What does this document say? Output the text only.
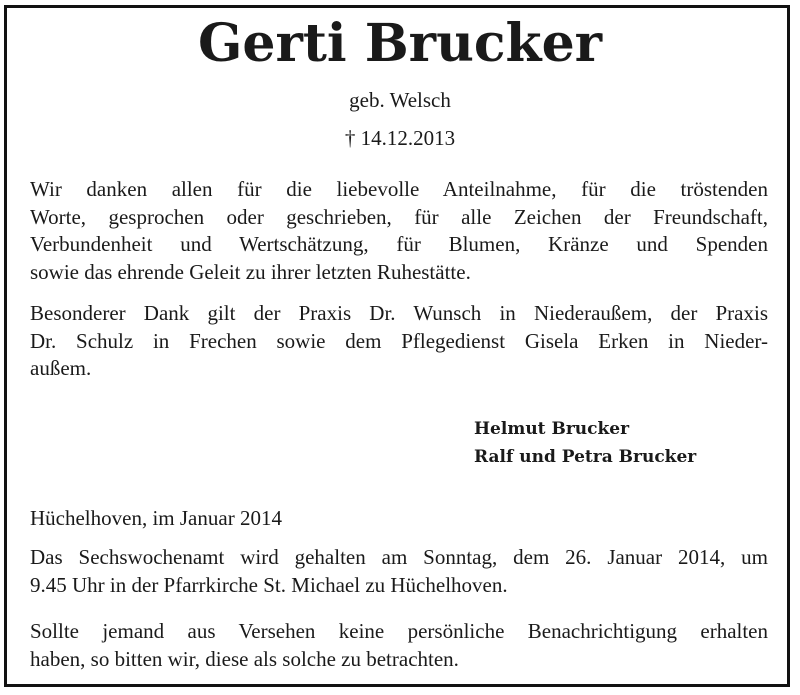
Gerti Brucker
geb. Welsch
† 14.12.2013
Wir danken allen für die liebevolle Anteilnahme, für die tröstenden
Worte, gesprochen oder geschrieben, für alle Zeichen der Freundschaft,
Verbundenheit und Wertschätzung, für Blumen, Kränze und Spenden
sowie das ehrende Geleit zu ihrer letzten Ruhestätte.
Besonderer Dank gilt der Praxis Dr. Wunsch in Niederaußem, der Praxis
Dr. Schulz in Frechen sowie dem Pflegedienst Gisela Erken in Nieder-
außem.
Helmut Brucker
Ralf und Petra Brucker
Hüchelhoven, im Januar 2014
Das Sechswochenamt wird gehalten am Sonntag, dem 26. Januar 2014, um
9.45 Uhr in der Pfarrkirche St. Michael zu Hüchelhoven.
Sollte jemand aus Versehen keine persönliche Benachrichtigung erhalten
haben, so bitten wir, diese als solche zu betrachten.
